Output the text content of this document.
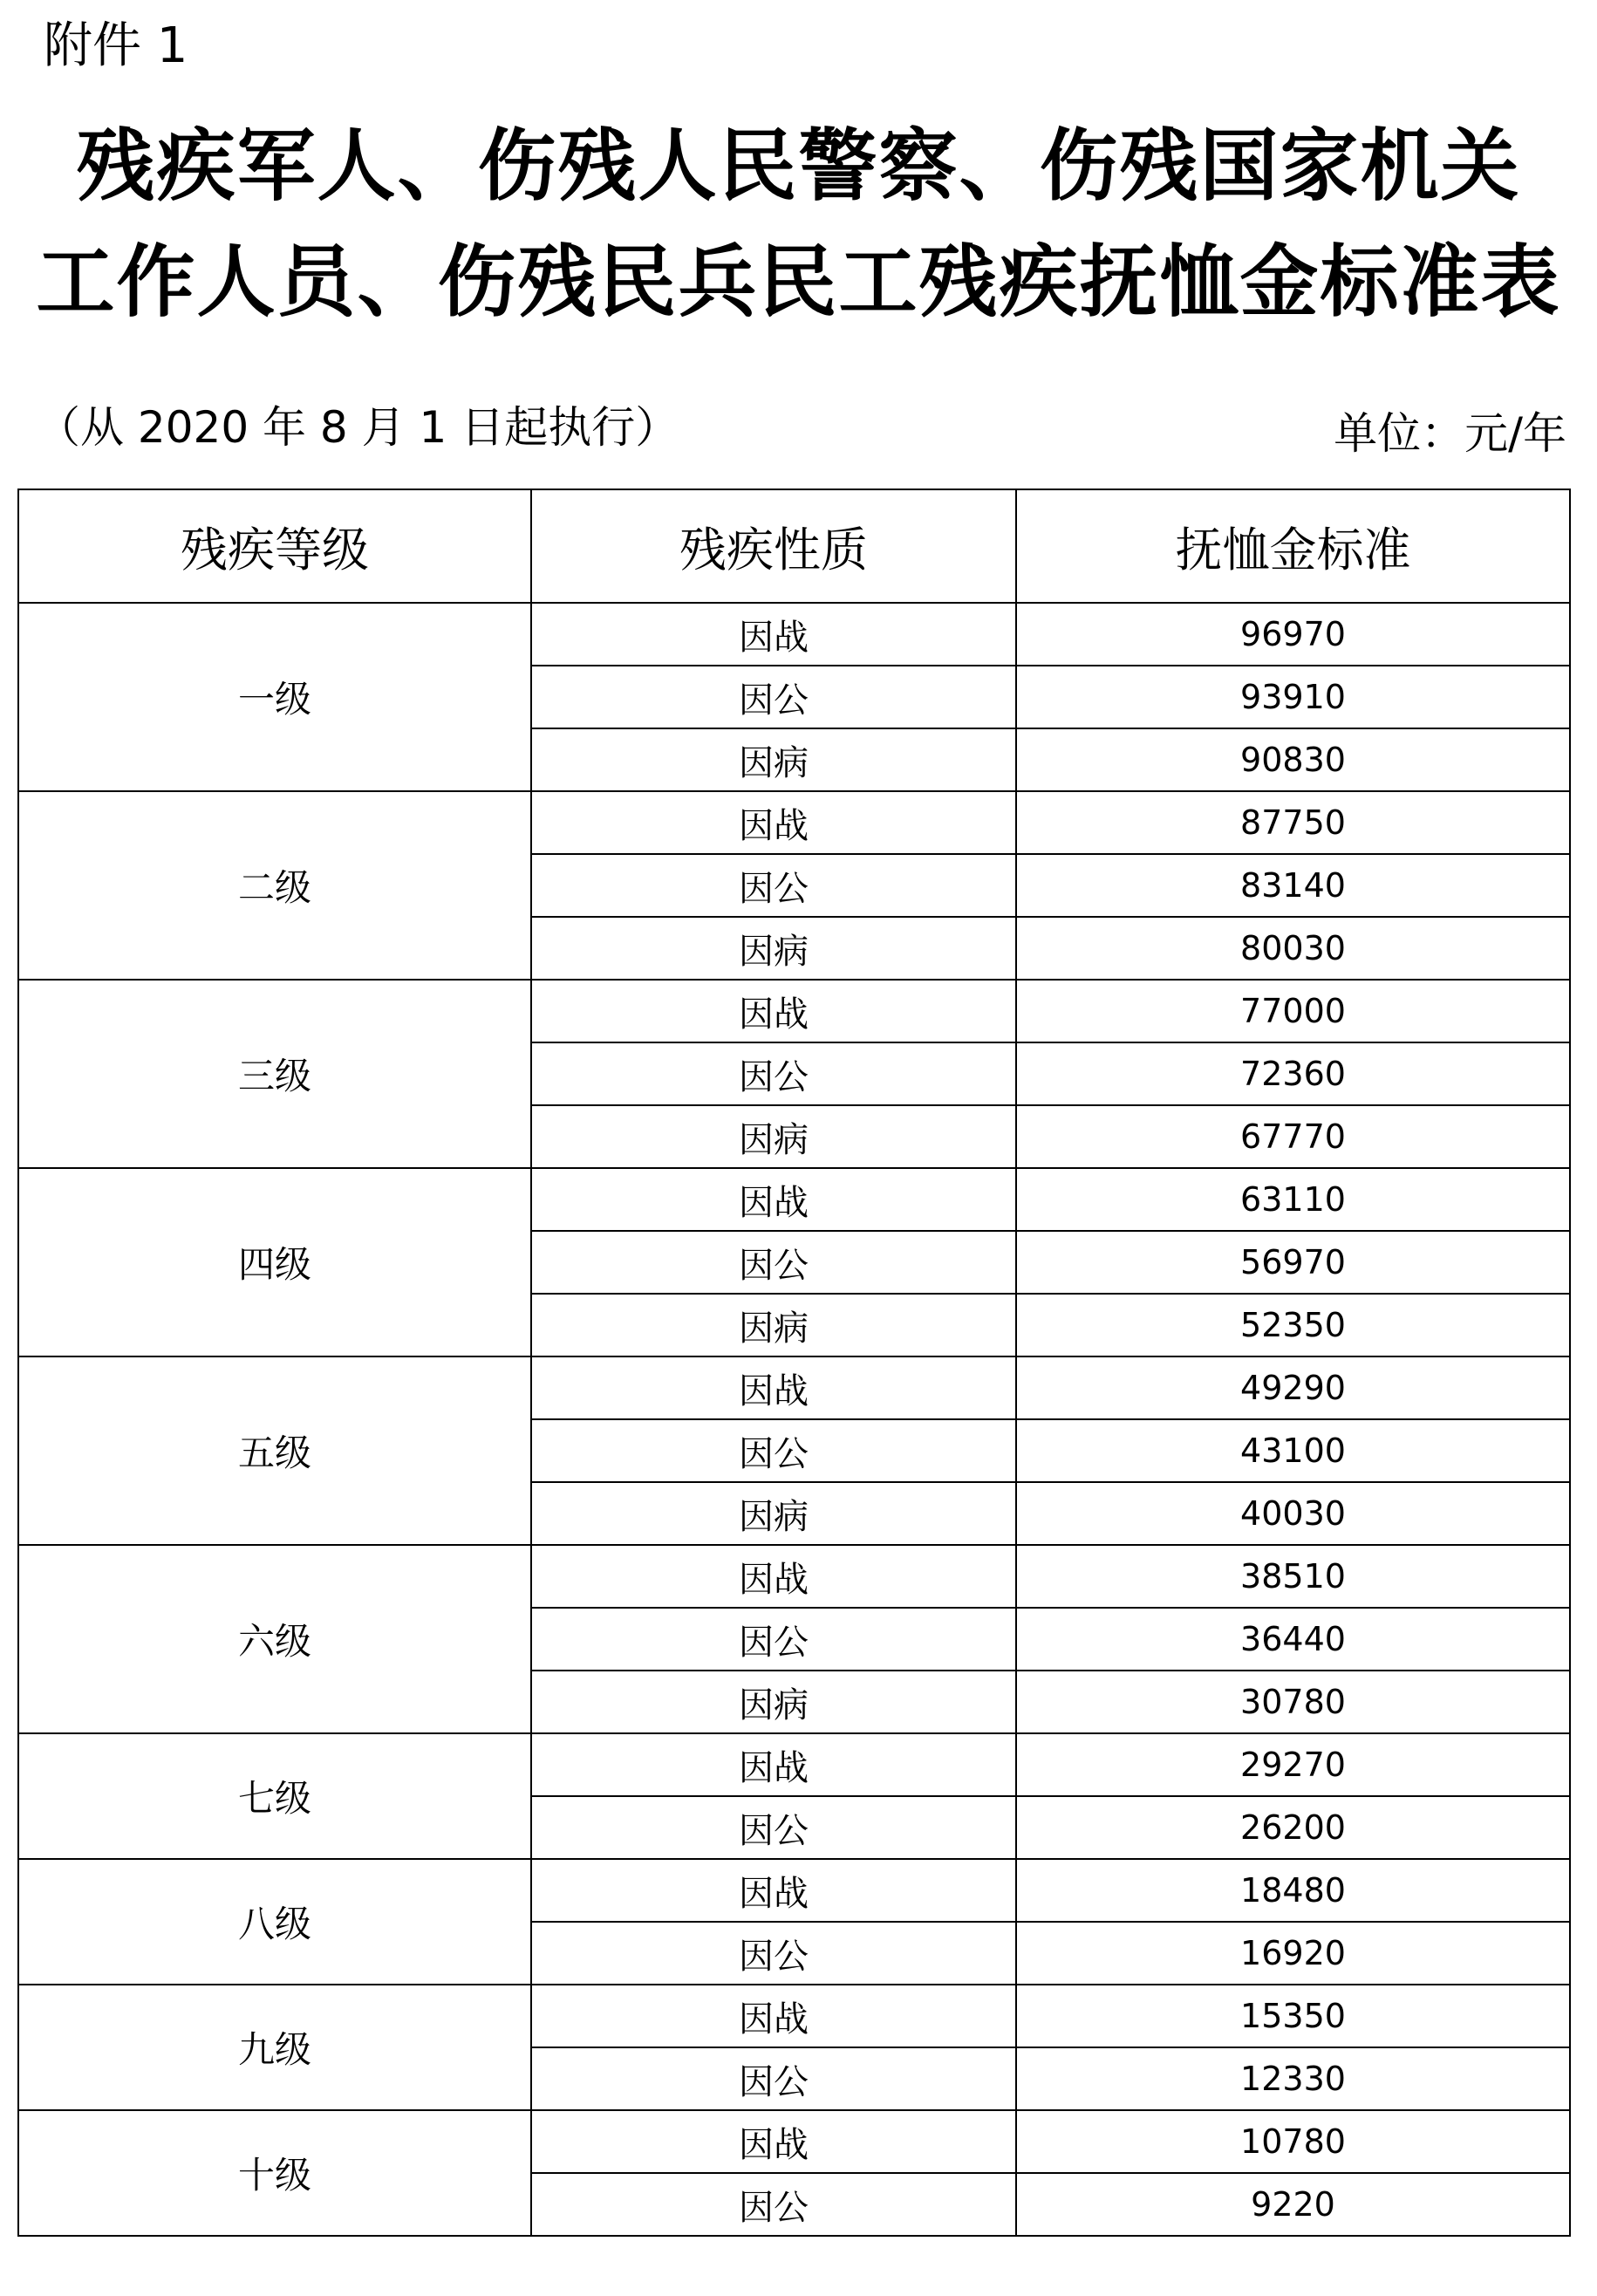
附件 1
残疾军人、伤残人民警察、伤残国家机关
工作人员、伤残民兵民工残疾抚恤金标准表
（从 2020 年 8 月 1 日起执行）	单位：元/年
残疾等级	残疾性质	抚恤金标准
一级	因战	96970
	因公	93910
	因病	90830
二级	因战	87750
	因公	83140
	因病	80030
三级	因战	77000
	因公	72360
	因病	67770
四级	因战	63110
	因公	56970
	因病	52350
五级	因战	49290
	因公	43100
	因病	40030
六级	因战	38510
	因公	36440
	因病	30780
七级	因战	29270
	因公	26200
八级	因战	18480
	因公	16920
九级	因战	15350
	因公	12330
十级	因战	10780
	因公	9220
